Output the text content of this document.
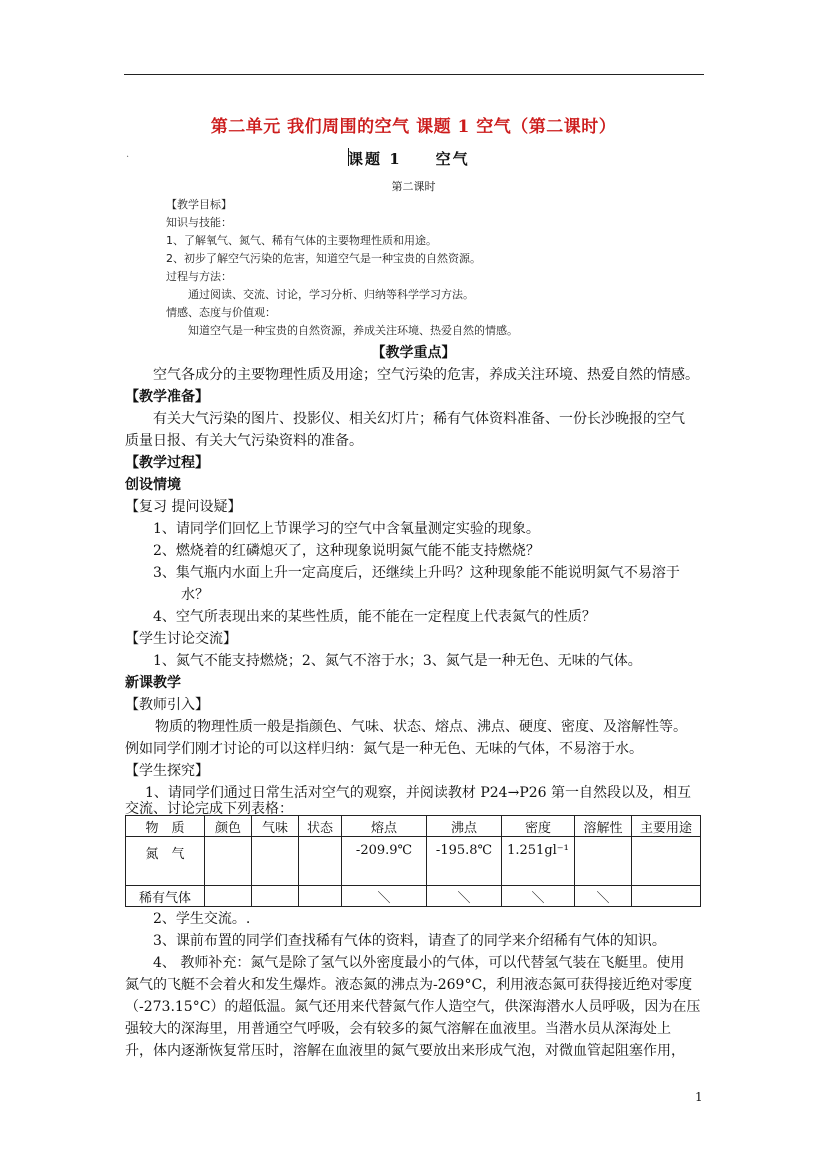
第二单元 我们周围的空气 课题 1 空气（第二课时）
·	课题 1　　空气
第二课时
【教学目标】
知识与技能：
1、了解氧气、氮气、稀有气体的主要物理性质和用途。
2、初步了解空气污染的危害，知道空气是一种宝贵的自然资源。
过程与方法：
通过阅读、交流、讨论，学习分析、归纳等科学学习方法。
情感、态度与价值观：
知道空气是一种宝贵的自然资源，养成关注环境、热爱自然的情感。
【教学重点】
空气各成分的主要物理性质及用途；空气污染的危害，养成关注环境、热爱自然的情感。
【教学准备】
有关大气污染的图片、投影仪、相关幻灯片；稀有气体资料准备、一份长沙晚报的空气
质量日报、有关大气污染资料的准备。
【教学过程】
创设情境
【复习 提问设疑】
1、请同学们回忆上节课学习的空气中含氧量测定实验的现象。
2、燃烧着的红磷熄灭了，这种现象说明氮气能不能支持燃烧？
3、集气瓶内水面上升一定高度后，还继续上升吗？这种现象能不能说明氮气不易溶于
水？
4、空气所表现出来的某些性质，能不能在一定程度上代表氮气的性质？
【学生讨论交流】
1、氮气不能支持燃烧；2、氮气不溶于水；3、氮气是一种无色、无味的气体。
新课教学
【教师引入】
物质的物理性质一般是指颜色、气味、状态、熔点、沸点、硬度、密度、及溶解性等。
例如同学们刚才讨论的可以这样归纳：氮气是一种无色、无味的气体，不易溶于水。
【学生探究】
1、请同学们通过日常生活对空气的观察，并阅读教材 P24→P26 第一自然段以及，相互
交流、讨论完成下列表格：
物　质	颜色	气味	状态	熔点	沸点	密度	溶解性	主要用途
氮　气				-209.9℃	-195.8℃	1.251gl⁻¹		
稀有气体				＼	＼	＼	＼	
2、学生交流。.
3、课前布置的同学们查找稀有气体的资料，请查了的同学来介绍稀有气体的知识。
4、 教师补充：氮气是除了氢气以外密度最小的气体，可以代替氢气装在飞艇里。使用
氮气的飞艇不会着火和发生爆炸。液态氮的沸点为-269°C，利用液态氮可获得接近绝对零度
（-273.15°C）的超低温。氮气还用来代替氮气作人造空气，供深海潜水人员呼吸，因为在压
强较大的深海里，用普通空气呼吸，会有较多的氮气溶解在血液里。当潜水员从深海处上
升，体内逐渐恢复常压时，溶解在血液里的氮气要放出来形成气泡，对微血管起阻塞作用，
1
